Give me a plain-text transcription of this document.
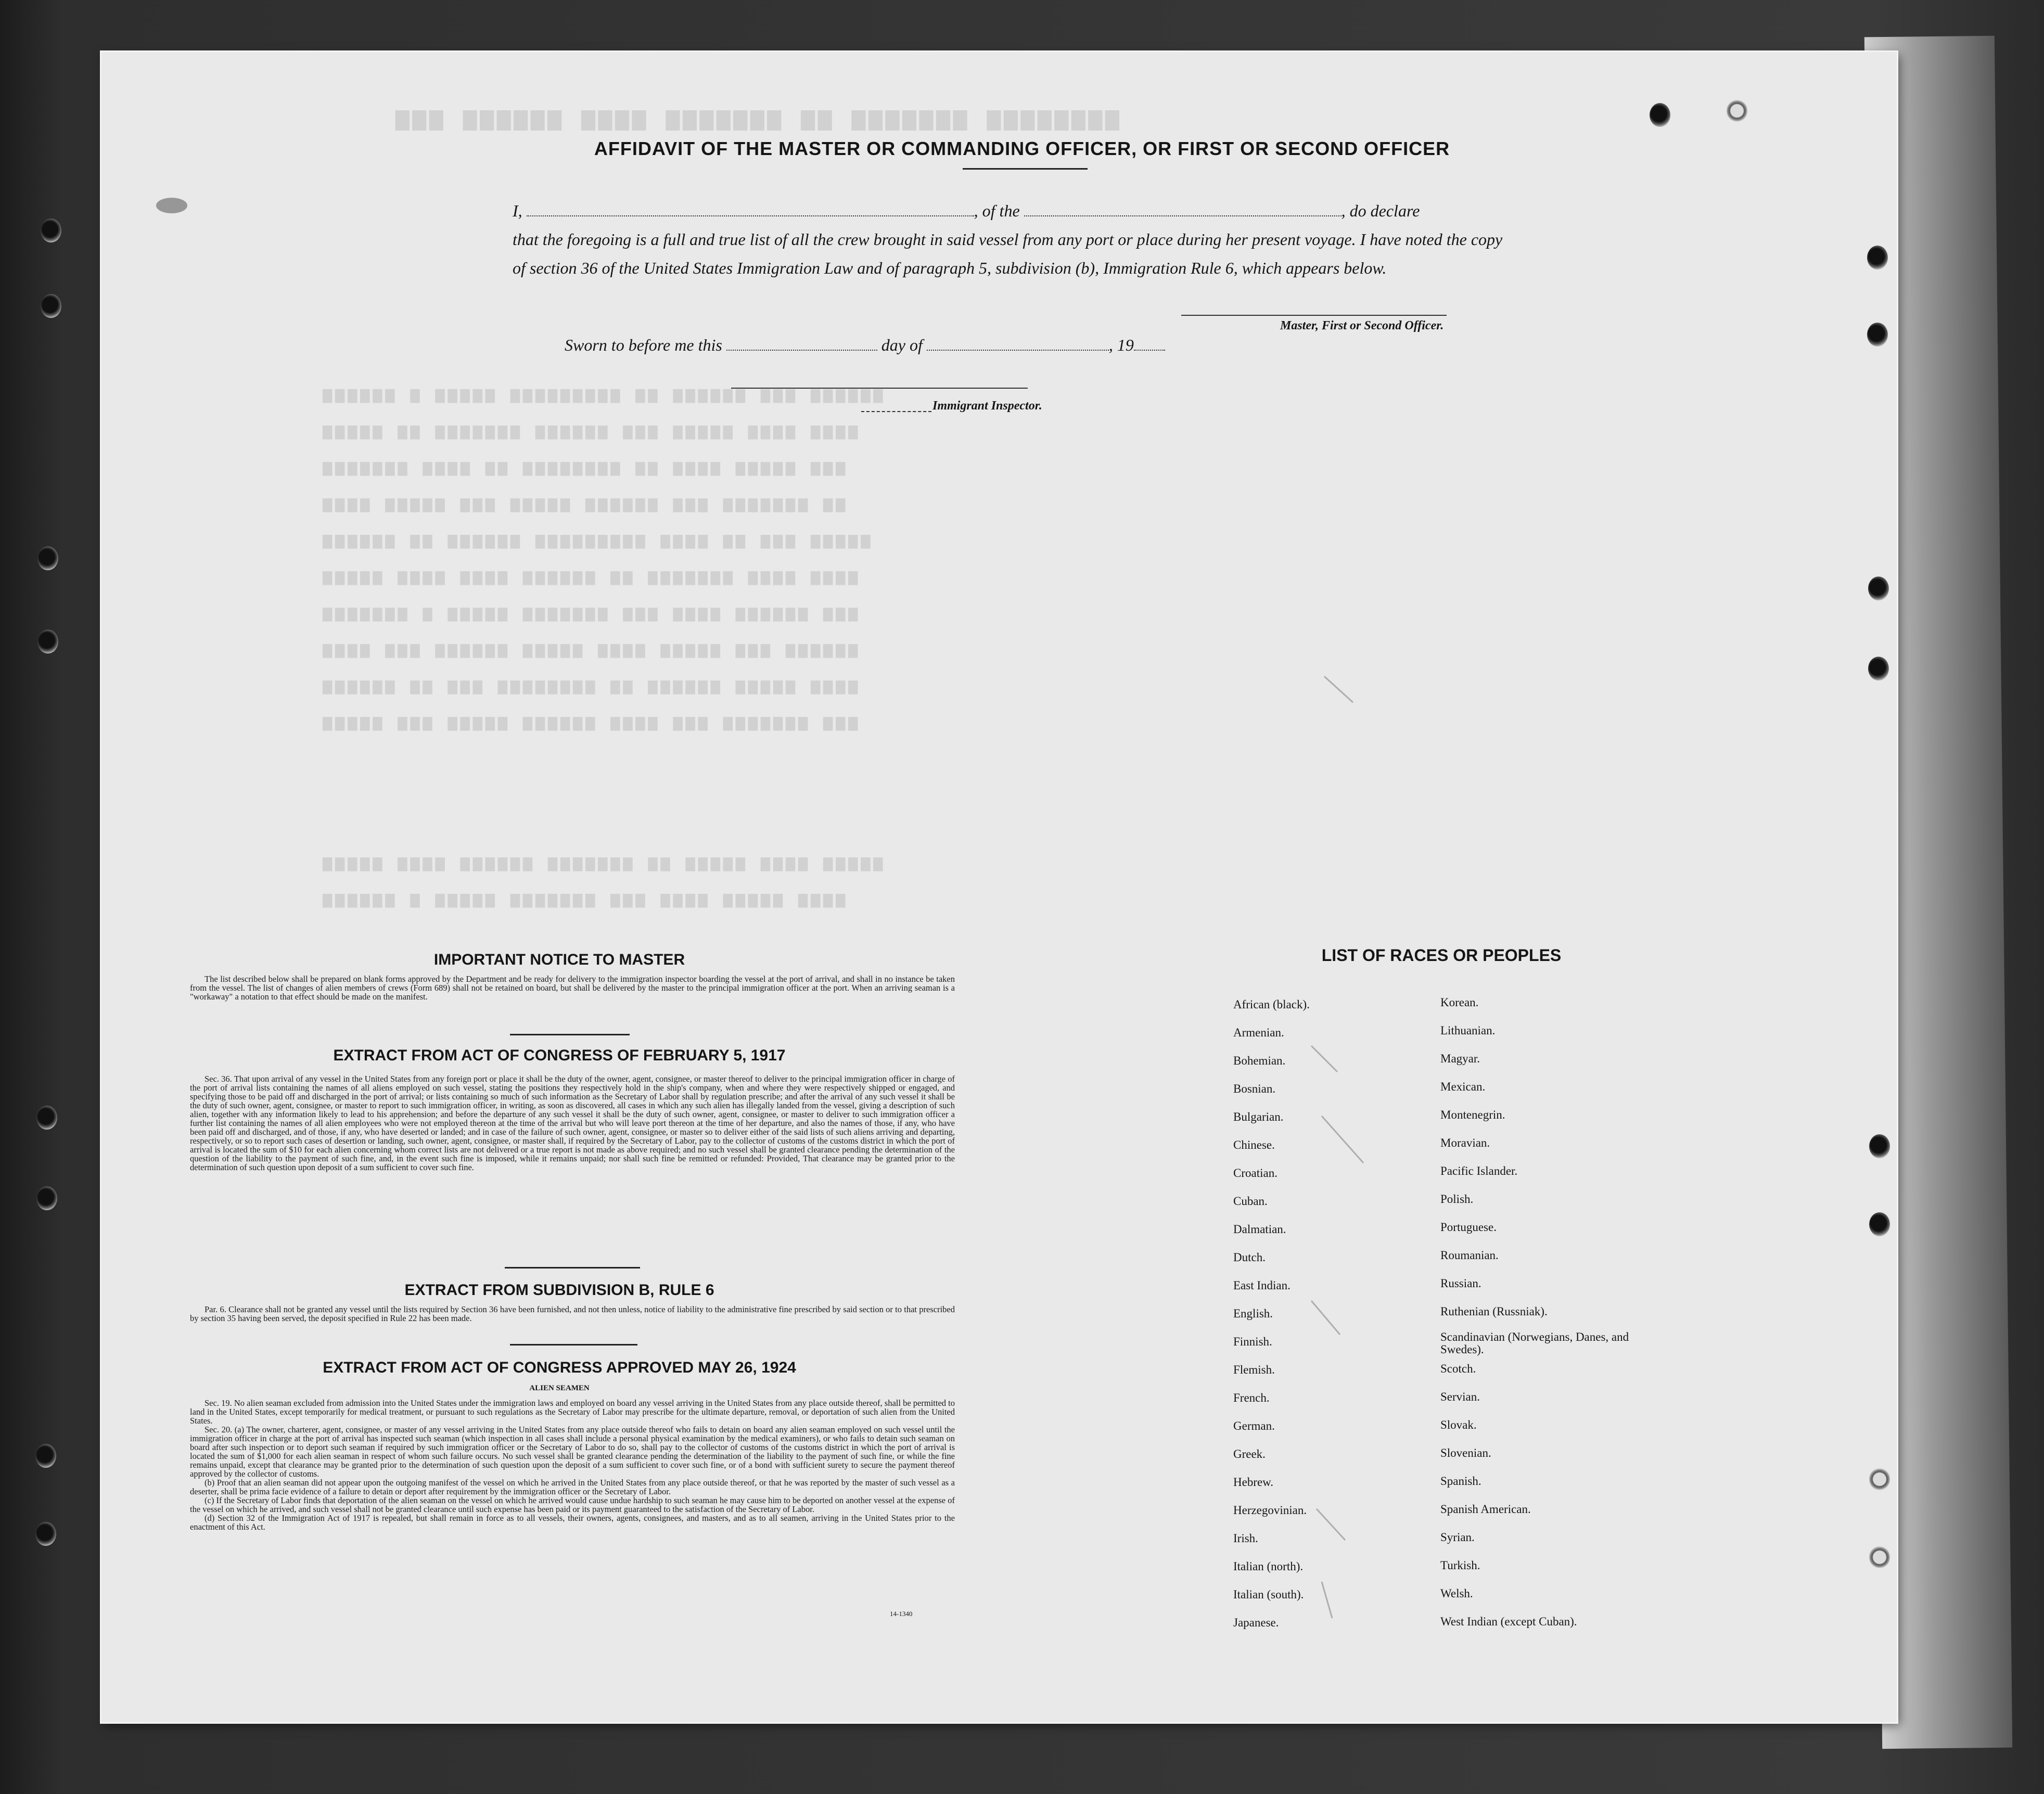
▆▆▆ ▆▆▆▆▆▆ ▆▆▆▆ ▆▆▆▆▆▆▆ ▆▆ ▆▆▆▆▆▆▆ ▆▆▆▆▆▆▆▆
▆▆▆▆▆▆ ▆ ▆▆▆▆▆ ▆▆▆▆▆▆▆▆▆ ▆▆ ▆▆▆▆▆▆ ▆▆▆ ▆▆▆▆▆▆
▆▆▆▆▆ ▆▆ ▆▆▆▆▆▆▆ ▆▆▆▆▆▆ ▆▆▆ ▆▆▆▆▆ ▆▆▆▆ ▆▆▆▆
▆▆▆▆▆▆▆ ▆▆▆▆ ▆▆ ▆▆▆▆▆▆▆▆ ▆▆ ▆▆▆▆ ▆▆▆▆▆ ▆▆▆
▆▆▆▆ ▆▆▆▆▆ ▆▆▆ ▆▆▆▆▆ ▆▆▆▆▆▆ ▆▆▆ ▆▆▆▆▆▆▆ ▆▆
▆▆▆▆▆▆ ▆▆ ▆▆▆▆▆▆ ▆▆▆▆▆▆▆▆▆ ▆▆▆▆ ▆▆ ▆▆▆ ▆▆▆▆▆
▆▆▆▆▆ ▆▆▆▆ ▆▆▆▆ ▆▆▆▆▆▆ ▆▆ ▆▆▆▆▆▆▆ ▆▆▆▆ ▆▆▆▆
▆▆▆▆▆▆▆ ▆ ▆▆▆▆▆ ▆▆▆▆▆▆▆ ▆▆▆ ▆▆▆▆ ▆▆▆▆▆▆ ▆▆▆
▆▆▆▆ ▆▆▆ ▆▆▆▆▆▆ ▆▆▆▆▆ ▆▆▆▆ ▆▆▆▆▆ ▆▆▆ ▆▆▆▆▆▆
▆▆▆▆▆▆ ▆▆ ▆▆▆ ▆▆▆▆▆▆▆▆ ▆▆ ▆▆▆▆▆▆ ▆▆▆▆▆ ▆▆▆▆
▆▆▆▆▆ ▆▆▆ ▆▆▆▆▆ ▆▆▆▆▆▆ ▆▆▆▆ ▆▆▆ ▆▆▆▆▆▆▆ ▆▆▆
▆▆▆▆▆ ▆▆▆▆ ▆▆▆▆▆▆ ▆▆▆▆▆▆▆ ▆▆ ▆▆▆▆▆ ▆▆▆▆ ▆▆▆▆▆
▆▆▆▆▆▆ ▆ ▆▆▆▆▆ ▆▆▆▆▆▆▆ ▆▆▆ ▆▆▆▆ ▆▆▆▆▆ ▆▆▆▆
AFFIDAVIT OF THE MASTER OR COMMANDING OFFICER, OR FIRST OR SECOND OFFICER
I,	, of the	, do declare
that the foregoing is a full and true list of all the crew brought in said vessel from any port or place during her present voyage. I have noted the copy of section 36 of the United States Immigration Law and of paragraph 5, subdivision (b), Immigration Rule 6, which appears below.
Master, First or Second Officer.
Sworn to before me this	day of	, 19
Immigrant Inspector.
IMPORTANT NOTICE TO MASTER

The list described below shall be prepared on blank forms approved by the Department and be ready for delivery to the immigration inspector boarding the vessel at the port of arrival, and shall in no instance be taken from the vessel. The list of changes of alien members of crews (Form 689) shall not be retained on board, but shall be delivered by the master to the principal immigration officer at the port. When an arriving seaman is a "workaway" a notation to that effect should be made on the manifest.

EXTRACT FROM ACT OF CONGRESS OF FEBRUARY 5, 1917

Sec. 36. That upon arrival of any vessel in the United States from any foreign port or place it shall be the duty of the owner, agent, consignee, or master thereof to deliver to the principal immigration officer in charge of the port of arrival lists containing the names of all aliens employed on such vessel, stating the positions they respectively hold in the ship's company, when and where they were respectively shipped or engaged, and specifying those to be paid off and discharged in the port of arrival; or lists containing so much of such information as the Secretary of Labor shall by regulation prescribe; and after the arrival of any such vessel it shall be the duty of such owner, agent, consignee, or master to report to such immigration officer, in writing, as soon as discovered, all cases in which any such alien has illegally landed from the vessel, giving a description of such alien, together with any information likely to lead to his apprehension; and before the departure of any such vessel it shall be the duty of such owner, agent, consignee, or master to deliver to such immigration officer a further list containing the names of all alien employees who were not employed thereon at the time of the arrival but who will leave port thereon at the time of her departure, and also the names of those, if any, who have been paid off and discharged, and of those, if any, who have deserted or landed; and in case of the failure of such owner, agent, consignee, or master so to deliver either of the said lists of such aliens arriving and departing, respectively, or so to report such cases of desertion or landing, such owner, agent, consignee, or master shall, if required by the Secretary of Labor, pay to the collector of customs of the customs district in which the port of arrival is located the sum of $10 for each alien concerning whom correct lists are not delivered or a true report is not made as above required; and no such vessel shall be granted clearance pending the determination of the question of the liability to the payment of such fine, and, in the event such fine is imposed, while it remains unpaid; nor shall such fine be remitted or refunded: Provided, That clearance may be granted prior to the determination of such question upon deposit of a sum sufficient to cover such fine.

EXTRACT FROM SUBDIVISION B, RULE 6

Par. 6. Clearance shall not be granted any vessel until the lists required by Section 36 have been furnished, and not then unless, notice of liability to the administrative fine prescribed by said section or to that prescribed by section 35 having been served, the deposit specified in Rule 22 has been made.

EXTRACT FROM ACT OF CONGRESS APPROVED MAY 26, 1924
ALIEN SEAMEN

Sec. 19. No alien seaman excluded from admission into the United States under the immigration laws and employed on board any vessel arriving in the United States from any place outside thereof, shall be permitted to land in the United States, except temporarily for medical treatment, or pursuant to such regulations as the Secretary of Labor may prescribe for the ultimate departure, removal, or deportation of such alien from the United States.

Sec. 20. (a) The owner, charterer, agent, consignee, or master of any vessel arriving in the United States from any place outside thereof who fails to detain on board any alien seaman employed on such vessel until the immigration officer in charge at the port of arrival has inspected such seaman (which inspection in all cases shall include a personal physical examination by the medical examiners), or who fails to detain such seaman on board after such inspection or to deport such seaman if required by such immigration officer or the Secretary of Labor to do so, shall pay to the collector of customs of the customs district in which the port of arrival is located the sum of $1,000 for each alien seaman in respect of whom such failure occurs. No such vessel shall be granted clearance pending the determination of the liability to the payment of such fine, or while the fine remains unpaid, except that clearance may be granted prior to the determination of such question upon the deposit of a sum sufficient to cover such fine, or of a bond with sufficient surety to secure the payment thereof approved by the collector of customs.

(b) Proof that an alien seaman did not appear upon the outgoing manifest of the vessel on which he arrived in the United States from any place outside thereof, or that he was reported by the master of such vessel as a deserter, shall be prima facie evidence of a failure to detain or deport after requirement by the immigration officer or the Secretary of Labor.

(c) If the Secretary of Labor finds that deportation of the alien seaman on the vessel on which he arrived would cause undue hardship to such seaman he may cause him to be deported on another vessel at the expense of the vessel on which he arrived, and such vessel shall not be granted clearance until such expense has been paid or its payment guaranteed to the satisfaction of the Secretary of Labor.

(d) Section 32 of the Immigration Act of 1917 is repealed, but shall remain in force as to all vessels, their owners, agents, consignees, and masters, and as to all seamen, arriving in the United States prior to the enactment of this Act.

14-1340
LIST OF RACES OR PEOPLES
African (black).
Armenian.
Bohemian.
Bosnian.
Bulgarian.
Chinese.
Croatian.
Cuban.
Dalmatian.
Dutch.
East Indian.
English.
Finnish.
Flemish.
French.
German.
Greek.
Hebrew.
Herzegovinian.
Irish.
Italian (north).
Italian (south).
Japanese.
Korean.
Lithuanian.
Magyar.
Mexican.
Montenegrin.
Moravian.
Pacific Islander.
Polish.
Portuguese.
Roumanian.
Russian.
Ruthenian (Russniak).
Scandinavian (Norwegians, Danes, and Swedes).
Scotch.
Servian.
Slovak.
Slovenian.
Spanish.
Spanish American.
Syrian.
Turkish.
Welsh.
West Indian (except Cuban).
